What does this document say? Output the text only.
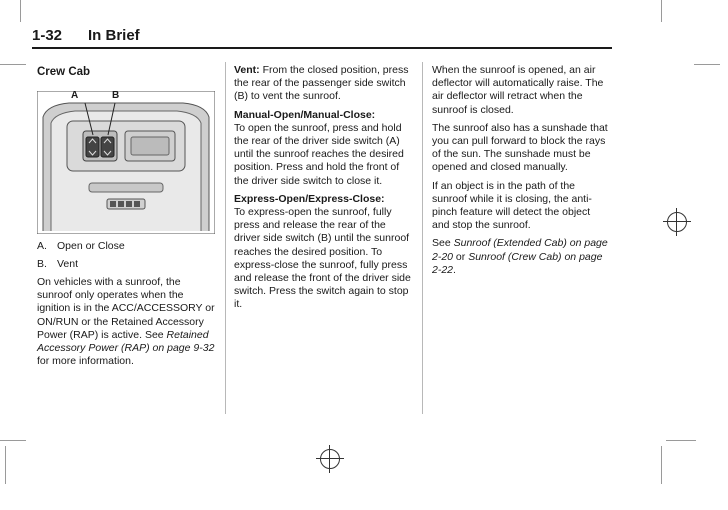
1-32 In Brief
Crew Cab
A	B
A. Open or Close
B. Vent

On vehicles with a sunroof, the sunroof only operates when the ignition is in the ACC/ACCESSORY or ON/RUN or the Retained Accessory Power (RAP) is active. See Retained Accessory Power (RAP) on page 9-32 for more information.

Vent: From the closed position, press the rear of the passenger side switch (B) to vent the sunroof.

Manual-Open/Manual-Close:

To open the sunroof, press and hold the rear of the driver side switch (A) until the sunroof reaches the desired position. Press and hold the front of the driver side switch to close it.

Express-Open/Express-Close:

To express-open the sunroof, fully press and release the rear of the driver side switch (B) until the sunroof reaches the desired position. To express-close the sunroof, fully press and release the front of the driver side switch. Press the switch again to stop it.

When the sunroof is opened, an air deflector will automatically raise. The air deflector will retract when the sunroof is closed.

The sunroof also has a sunshade that you can pull forward to block the rays of the sun. The sunshade must be opened and closed manually.

If an object is in the path of the sunroof while it is closing, the anti-pinch feature will detect the object and stop the sunroof.

See Sunroof (Extended Cab) on page 2-20 or Sunroof (Crew Cab) on page 2-22.
